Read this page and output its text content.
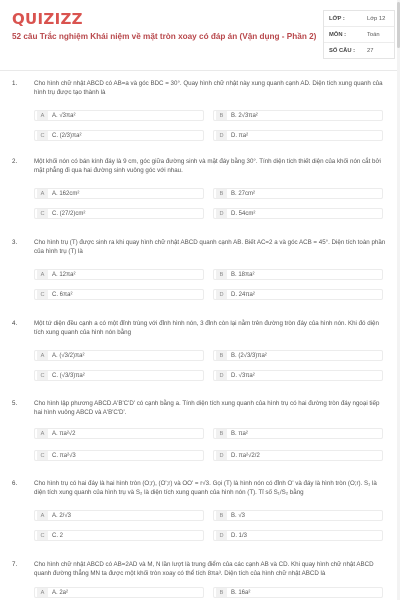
QUIZIZZ
52 câu Trắc nghiệm Khái niệm về mặt tròn xoay có đáp án (Vận dụng - Phần 2)
LỚP :	Lớp 12
MÔN :	Toán
SỐ CÂU :	27
1.	Cho hình chữ nhật ABCD có AB=a và góc BDC = 30°. Quay hình chữ nhật này xung quanh cạnh AD. Diện tích xung quanh của hình trụ được tạo thành là
A	A. √3πa²	B	B. 2√3πa²
C	C. (2/3)πa²	D	D. πa²
2.	Một khối nón có bán kính đáy là 9 cm, góc giữa đường sinh và mặt đáy bằng 30°. Tính diện tích thiết diện của khối nón cắt bởi mặt phẳng đi qua hai đường sinh vuông góc với nhau.
A	A. 162cm²	B	B. 27cm²
C	C. (27/2)cm²	D	D. 54cm²
3.	Cho hình trụ (T) được sinh ra khi quay hình chữ nhật ABCD quanh cạnh AB. Biết AC=2 a và góc ACB = 45°. Diện tích toàn phần của hình trụ (T) là
A	A. 12πa²	B	B. 18πa²
C	C. 6πa²	D	D. 24πa²
4.	Một tứ diện đều cạnh a có một đỉnh trùng với đỉnh hình nón, 3 đỉnh còn lại nằm trên đường tròn đáy của hình nón. Khi đó diện tích xung quanh của hình nón bằng
A	A. (√3/2)πa²	B	B. (2√3/3)πa²
C	C. (√3/3)πa²	D	D. √3πa²
5.	Cho hình lập phương ABCD.A'B'C'D' có cạnh bằng a. Tính diện tích xung quanh của hình trụ có hai đường tròn đáy ngoại tiếp hai hình vuông ABCD và A'B'C'D'.
A	A. πa²√2	B	B. πa²
C	C. πa²√3	D	D. πa²√2/2
6.	Cho hình trụ có hai đáy là hai hình tròn (O;r), (O';r) và OO' = r√3. Gọi (T) là hình nón có đỉnh O' và đáy là hình tròn (O;r). S₁ là diện tích xung quanh của hình trụ và S₂ là diện tích xung quanh của hình nón (T). Tỉ số S₁/S₂ bằng
A	A. 2/√3	B	B. √3
C	C. 2	D	D. 1/3
7.	Cho hình chữ nhật ABCD có AB=2AD và M, N lần lượt là trung điểm của các cạnh AB và CD. Khi quay hình chữ nhật ABCD quanh đường thẳng MN ta được một khối tròn xoay có thể tích 8πa³. Diện tích của hình chữ nhật ABCD là
A	A. 2a²	B	B. 16a²
